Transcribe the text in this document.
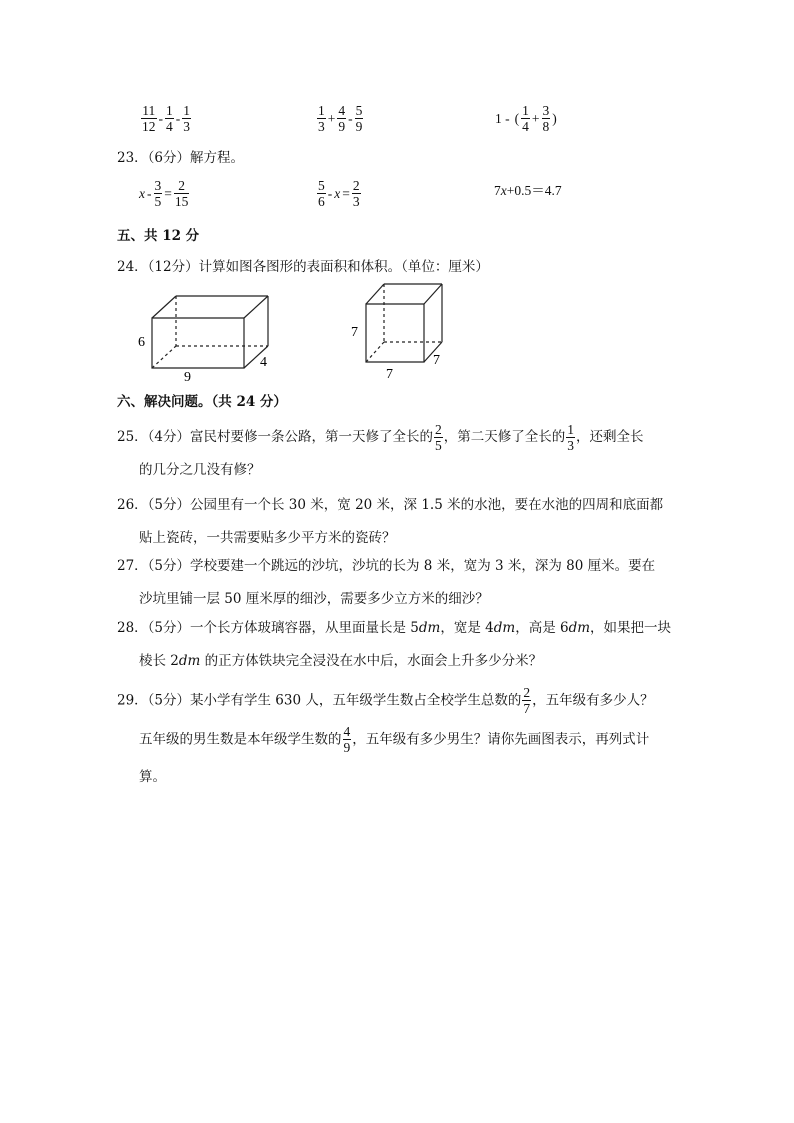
$\frac{11}{12} - \frac{1}{4} - \frac{1}{3}$	$\frac{1}{3} + \frac{4}{9} - \frac{5}{9}$	1 - ( $\frac{1}{4} + \frac{3}{8}$ )
23．（6分）解方程。
$x - \frac{3}{5} = \frac{2}{15}$	$\frac{5}{6} - x = \frac{2}{3}$	7x+0.5＝4.7
五、共 12 分
24．（12分）计算如图各图形的表面积和体积。（单位：厘米）
6
4
9
7
7
7
六、解决问题。（共 24 分）
25．（4分）富民村要修一条公路，第一天修了全长的 $\frac{2}{5}$ ，第二天修了全长的 $\frac{1}{3}$ ，还剩全长
的几分之几没有修？
26．（5分）公园里有一个长 30 米，宽 20 米，深 1.5 米的水池，要在水池的四周和底面都
贴上瓷砖，一共需要贴多少平方米的瓷砖？
27．（5分）学校要建一个跳远的沙坑，沙坑的长为 8 米，宽为 3 米，深为 80 厘米。要在
沙坑里铺一层 50 厘米厚的细沙，需要多少立方米的细沙？
28．（5分）一个长方体玻璃容器，从里面量长是 5dm，宽是 4dm，高是 6dm，如果把一块
棱长 2dm 的正方体铁块完全浸没在水中后，水面会上升多少分米？
29．（5分）某小学有学生 630 人，五年级学生数占全校学生总数的 $\frac{2}{7}$ ，五年级有多少人？
五年级的男生数是本年级学生数的 $\frac{4}{9}$ ，五年级有多少男生？请你先画图表示，再列式计
算。
